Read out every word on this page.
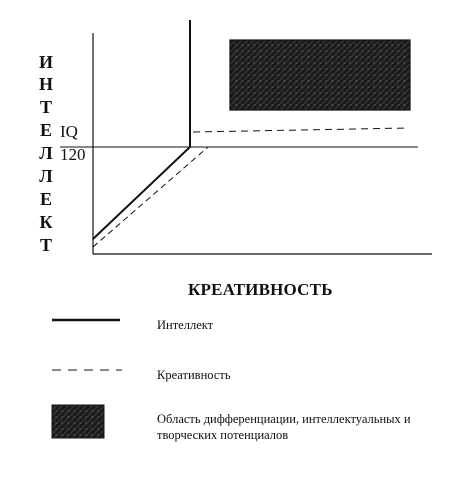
И
Н
Т
Е
Л
Л
Е
К
Т
IQ
120
КРЕАТИВНОСТЬ
Интеллект
Креативность
Область дифференциации, интеллектуальных и творческих потенциалов
